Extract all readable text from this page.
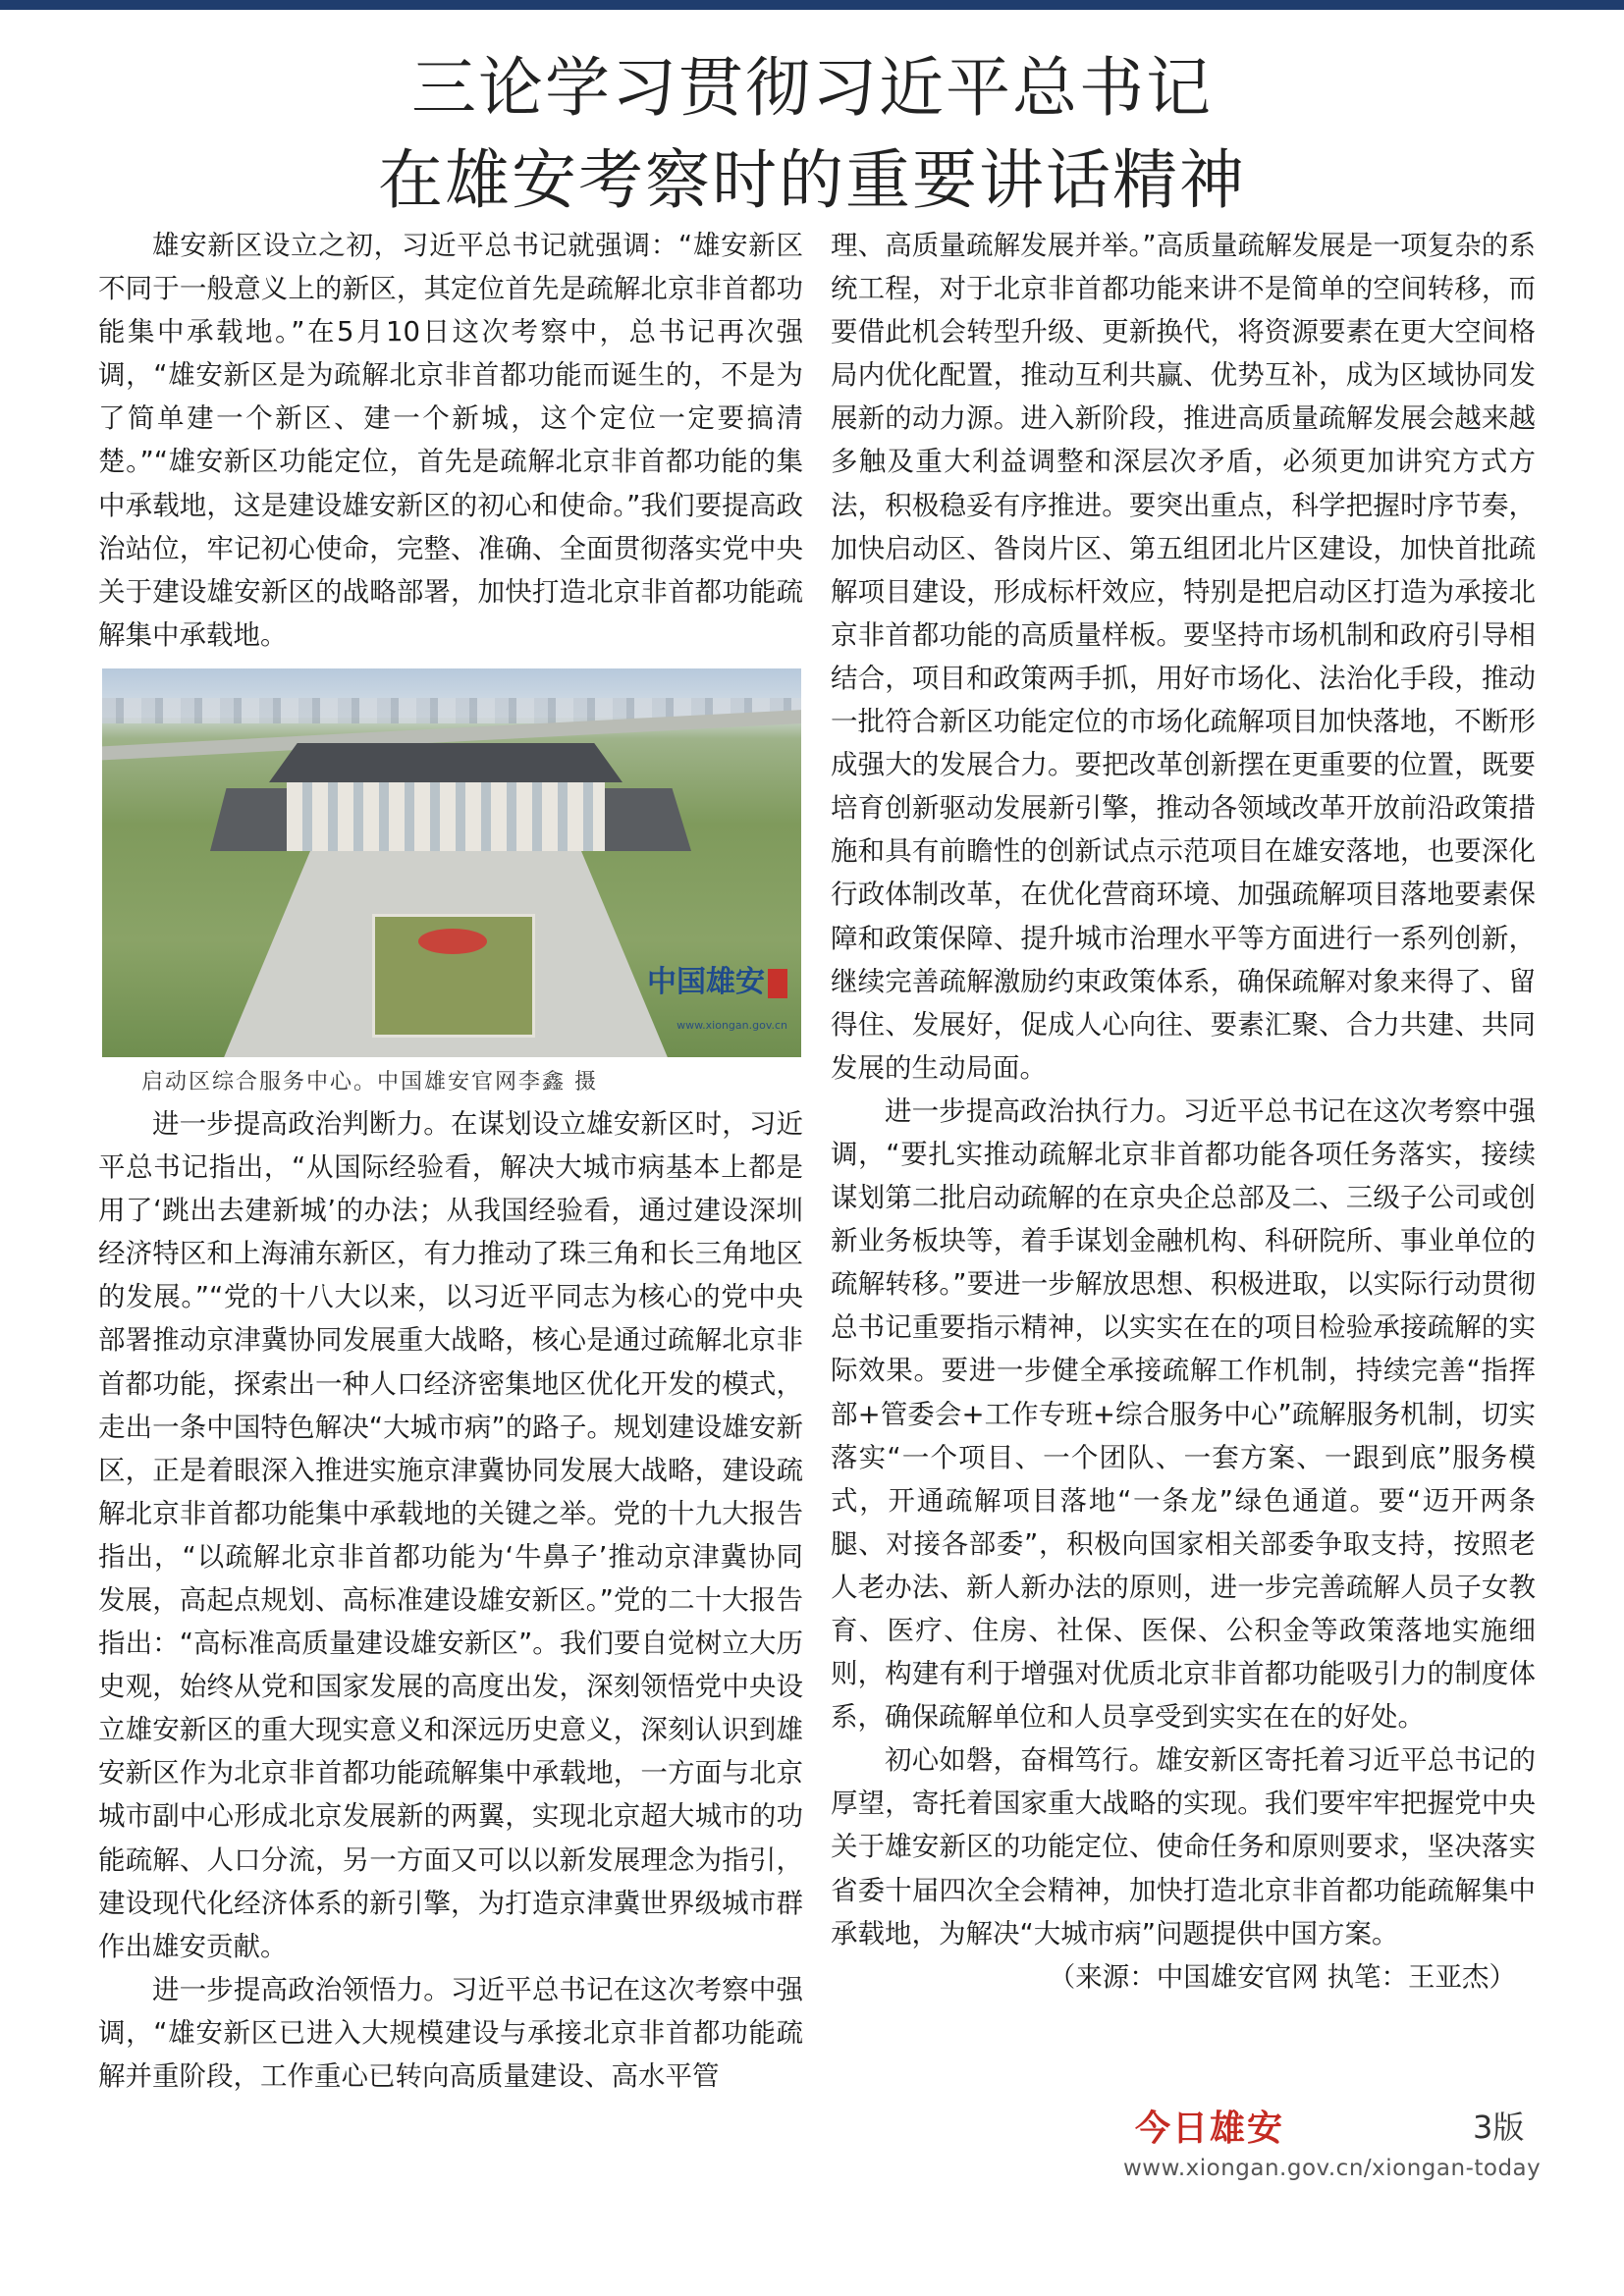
三论学习贯彻习近平总书记
在雄安考察时的重要讲话精神

雄安新区设立之初，习近平总书记就强调：“雄安新区不同于一般意义上的新区，其定位首先是疏解北京非首都功能集中承载地。”在5月10日这次考察中，总书记再次强调，“雄安新区是为疏解北京非首都功能而诞生的，不是为了简单建一个新区、建一个新城，这个定位一定要搞清楚。”“雄安新区功能定位，首先是疏解北京非首都功能的集中承载地，这是建设雄安新区的初心和使命。”我们要提高政治站位，牢记初心使命，完整、准确、全面贯彻落实党中央关于建设雄安新区的战略部署，加快打造北京非首都功能疏解集中承载地。

中国雄安
www.xiongan.gov.cn

启动区综合服务中心。中国雄安官网李鑫 摄

进一步提高政治判断力。在谋划设立雄安新区时，习近平总书记指出，“从国际经验看，解决大城市病基本上都是用了‘跳出去建新城’的办法；从我国经验看，通过建设深圳经济特区和上海浦东新区，有力推动了珠三角和长三角地区的发展。”“党的十八大以来，以习近平同志为核心的党中央部署推动京津冀协同发展重大战略，核心是通过疏解北京非首都功能，探索出一种人口经济密集地区优化开发的模式，走出一条中国特色解决“大城市病”的路子。规划建设雄安新区，正是着眼深入推进实施京津冀协同发展大战略，建设疏解北京非首都功能集中承载地的关键之举。党的十九大报告指出，“以疏解北京非首都功能为‘牛鼻子’推动京津冀协同发展，高起点规划、高标准建设雄安新区。”党的二十大报告指出：“高标准高质量建设雄安新区”。我们要自觉树立大历史观，始终从党和国家发展的高度出发，深刻领悟党中央设立雄安新区的重大现实意义和深远历史意义，深刻认识到雄安新区作为北京非首都功能疏解集中承载地，一方面与北京城市副中心形成北京发展新的两翼，实现北京超大城市的功能疏解、人口分流，另一方面又可以以新发展理念为指引，建设现代化经济体系的新引擎，为打造京津冀世界级城市群作出雄安贡献。

进一步提高政治领悟力。习近平总书记在这次考察中强调，“雄安新区已进入大规模建设与承接北京非首都功能疏解并重阶段，工作重心已转向高质量建设、高水平管

理、高质量疏解发展并举。”高质量疏解发展是一项复杂的系统工程，对于北京非首都功能来讲不是简单的空间转移，而要借此机会转型升级、更新换代，将资源要素在更大空间格局内优化配置，推动互利共赢、优势互补，成为区域协同发展新的动力源。进入新阶段，推进高质量疏解发展会越来越多触及重大利益调整和深层次矛盾，必须更加讲究方式方法，积极稳妥有序推进。要突出重点，科学把握时序节奏，加快启动区、昝岗片区、第五组团北片区建设，加快首批疏解项目建设，形成标杆效应，特别是把启动区打造为承接北京非首都功能的高质量样板。要坚持市场机制和政府引导相结合，项目和政策两手抓，用好市场化、法治化手段，推动一批符合新区功能定位的市场化疏解项目加快落地，不断形成强大的发展合力。要把改革创新摆在更重要的位置，既要培育创新驱动发展新引擎，推动各领域改革开放前沿政策措施和具有前瞻性的创新试点示范项目在雄安落地，也要深化行政体制改革，在优化营商环境、加强疏解项目落地要素保障和政策保障、提升城市治理水平等方面进行一系列创新，继续完善疏解激励约束政策体系，确保疏解对象来得了、留得住、发展好，促成人心向往、要素汇聚、合力共建、共同发展的生动局面。

进一步提高政治执行力。习近平总书记在这次考察中强调，“要扎实推动疏解北京非首都功能各项任务落实，接续谋划第二批启动疏解的在京央企总部及二、三级子公司或创新业务板块等，着手谋划金融机构、科研院所、事业单位的疏解转移。”要进一步解放思想、积极进取，以实际行动贯彻总书记重要指示精神，以实实在在的项目检验承接疏解的实际效果。要进一步健全承接疏解工作机制，持续完善“指挥部+管委会+工作专班+综合服务中心”疏解服务机制，切实落实“一个项目、一个团队、一套方案、一跟到底”服务模式，开通疏解项目落地“一条龙”绿色通道。要“迈开两条腿、对接各部委”，积极向国家相关部委争取支持，按照老人老办法、新人新办法的原则，进一步完善疏解人员子女教育、医疗、住房、社保、医保、公积金等政策落地实施细则，构建有利于增强对优质北京非首都功能吸引力的制度体系，确保疏解单位和人员享受到实实在在的好处。

初心如磐，奋楫笃行。雄安新区寄托着习近平总书记的厚望，寄托着国家重大战略的实现。我们要牢牢把握党中央关于雄安新区的功能定位、使命任务和原则要求，坚决落实省委十届四次全会精神，加快打造北京非首都功能疏解集中承载地，为解决“大城市病”问题提供中国方案。

（来源：中国雄安官网 执笔：王亚杰）

今日雄安	3版
www.xiongan.gov.cn/xiongan-today
